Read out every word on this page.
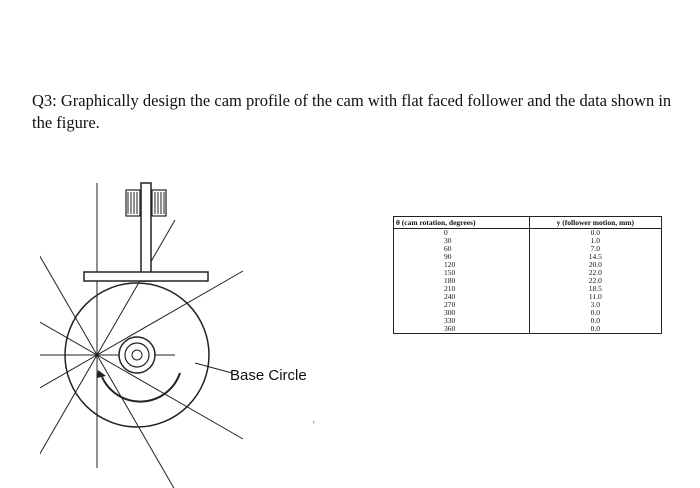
Q3: Graphically design the cam profile of the cam with flat faced follower and the data shown in the figure.

Base Circle
’
θ (cam rotation, degrees)	y (follower motion, mm)
0	0.0
30	1.0
60	7.0
90	14.5
120	20.0
150	22.0
180	22.0
210	18.5
240	11.0
270	3.0
300	0.0
330	0.0
360	0.0
